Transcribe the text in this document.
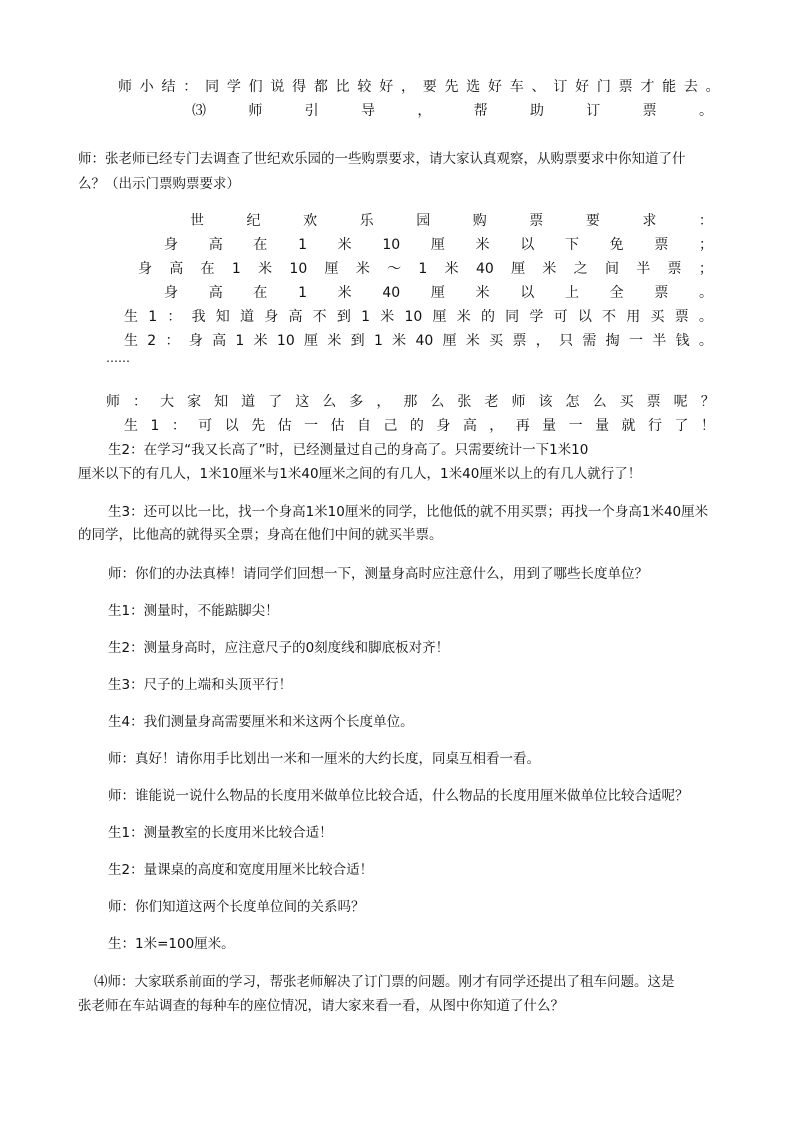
师 小 结 ： 同 学 们 说 得 都 比 较 好 ， 要 先 选 好 车 、 订 好 门 票 才 能 去 。
⑶	师	引	导	，	帮	助	订	票	。

师：张老师已经专门去调查了世纪欢乐园的一些购票要求，请大家认真观察，从购票要求中你知道了什

么？（出示门票购票要求）

世	纪	欢	乐	园	购	票	要	求	：
身 高 在 1 米 10 厘 米 以 下 免 票 ；
身 高 在 1 米 10 厘 米 ～ 1 米 40 厘 米 之 间 半 票 ；
身 高 在 1 米 40 厘 米 以 上 全 票 。
生 1 ： 我 知 道 身 高 不 到 1 米 10 厘 米 的 同 学 可 以 不 用 买 票 。
生 2 ： 身 高 1 米 10 厘 米 到 1 米 40 厘 米 买 票 ， 只 需 掏 一 半 钱 。

……

师 ： 大 家 知 道 了 这 么 多 ， 那 么 张 老 师 该 怎 么 买 票 呢 ？
生 1 ： 可 以 先 估 一 估 自 己 的 身 高 ， 再 量 一 量 就 行 了 ！

生2：在学习“我又长高了”时，已经测量过自己的身高了。只需要统计一下1米10

厘米以下的有几人，1米10厘米与1米40厘米之间的有几人，1米40厘米以上的有几人就行了！

生3：还可以比一比，找一个身高1米10厘米的同学，比他低的就不用买票；再找一个身高1米40厘米

的同学，比他高的就得买全票；身高在他们中间的就买半票。

师：你们的办法真棒！请同学们回想一下，测量身高时应注意什么，用到了哪些长度单位？

生1：测量时，不能踮脚尖！

生2：测量身高时，应注意尺子的0刻度线和脚底板对齐！

生3：尺子的上端和头顶平行！

生4：我们测量身高需要厘米和米这两个长度单位。

师：真好！请你用手比划出一米和一厘米的大约长度，同桌互相看一看。

师：谁能说一说什么物品的长度用米做单位比较合适，什么物品的长度用厘米做单位比较合适呢？

生1：测量教室的长度用米比较合适！

生2：量课桌的高度和宽度用厘米比较合适！

师：你们知道这两个长度单位间的关系吗？

生：1米=100厘米。

⑷师：大家联系前面的学习，帮张老师解决了订门票的问题。刚才有同学还提出了租车问题。这是

张老师在车站调查的每种车的座位情况，请大家来看一看，从图中你知道了什么？
